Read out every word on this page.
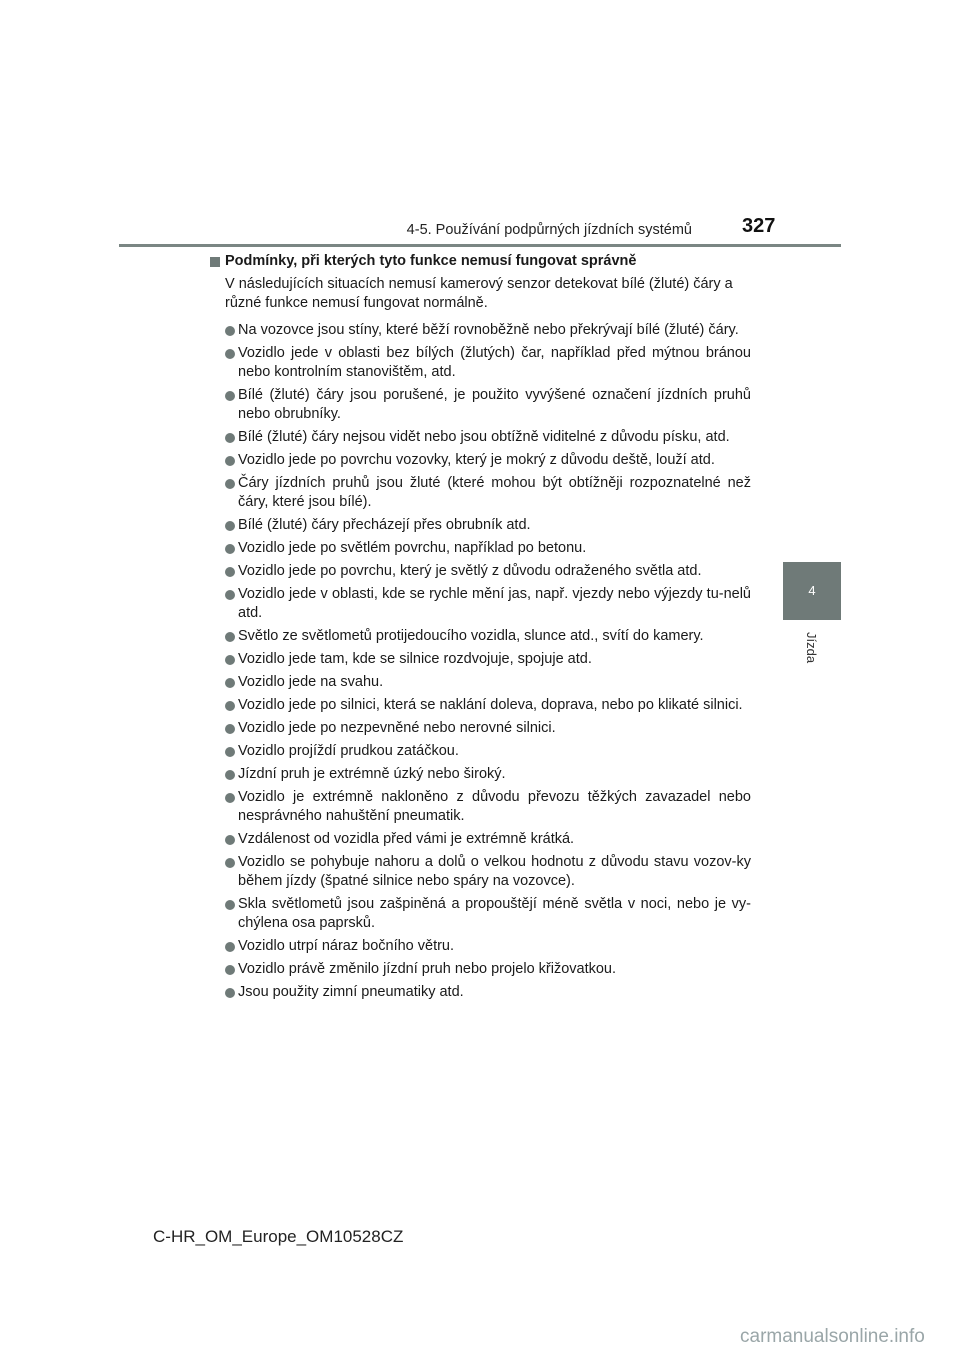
4-5. Používání podpůrných jízdních systémů	327
4
Jízda
Podmínky, při kterých tyto funkce nemusí fungovat správně

V následujících situacích nemusí kamerový senzor detekovat bílé (žluté) čáry a různé funkce nemusí fungovat normálně.

Na vozovce jsou stíny, které běží rovnoběžně nebo překrývají bílé (žluté) čáry.
Vozidlo jede v oblasti bez bílých (žlutých) čar, například před mýtnou bránou nebo kontrolním stanovištěm, atd.
Bílé (žluté) čáry jsou porušené, je použito vyvýšené označení jízdních pruhů nebo obrubníky.
Bílé (žluté) čáry nejsou vidět nebo jsou obtížně viditelné z důvodu písku, atd.
Vozidlo jede po povrchu vozovky, který je mokrý z důvodu deště, louží atd.
Čáry jízdních pruhů jsou žluté (které mohou být obtížněji rozpoznatelné než čáry, které jsou bílé).
Bílé (žluté) čáry přecházejí přes obrubník atd.
Vozidlo jede po světlém povrchu, například po betonu.
Vozidlo jede po povrchu, který je světlý z důvodu odraženého světla atd.
Vozidlo jede v oblasti, kde se rychle mění jas, např. vjezdy nebo výjezdy tu-nelů atd.
Světlo ze světlometů protijedoucího vozidla, slunce atd., svítí do kamery.
Vozidlo jede tam, kde se silnice rozdvojuje, spojuje atd.
Vozidlo jede na svahu.
Vozidlo jede po silnici, která se naklání doleva, doprava, nebo po klikaté silnici.
Vozidlo jede po nezpevněné nebo nerovné silnici.
Vozidlo projíždí prudkou zatáčkou.
Jízdní pruh je extrémně úzký nebo široký.
Vozidlo je extrémně nakloněno z důvodu převozu těžkých zavazadel nebo nesprávného nahuštění pneumatik.
Vzdálenost od vozidla před vámi je extrémně krátká.
Vozidlo se pohybuje nahoru a dolů o velkou hodnotu z důvodu stavu vozov-ky během jízdy (špatné silnice nebo spáry na vozovce).
Skla světlometů jsou zašpiněná a propouštějí méně světla v noci, nebo je vy-chýlena osa paprsků.
Vozidlo utrpí náraz bočního větru.
Vozidlo právě změnilo jízdní pruh nebo projelo křižovatkou.
Jsou použity zimní pneumatiky atd.
C-HR_OM_Europe_OM10528CZ
carmanualsonline.info
